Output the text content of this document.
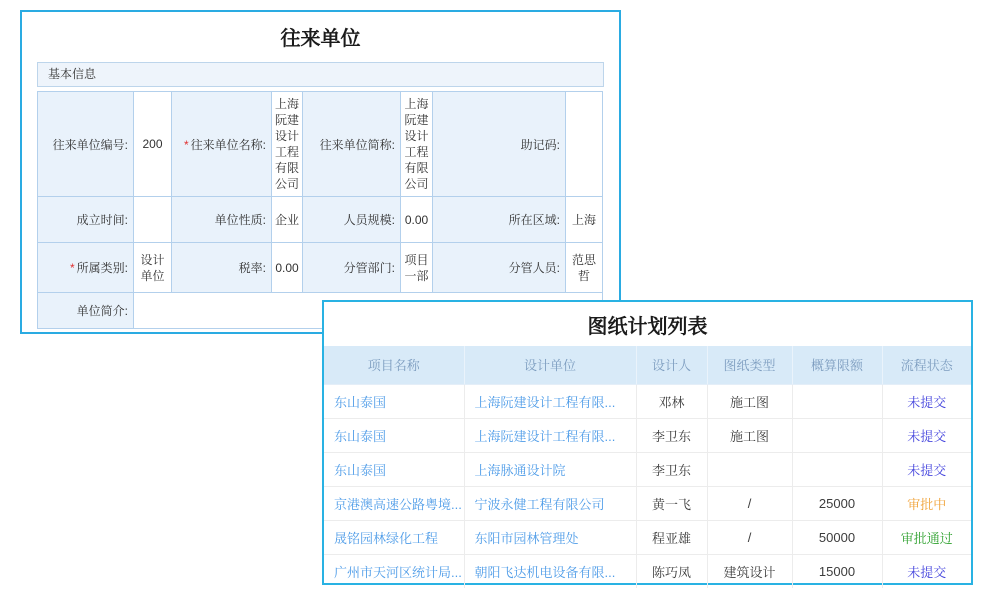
往来单位
基本信息
往来单位编号:	200	* 往来单位名称:	上海阮建设计工程有限公司	往来单位简称:	上海阮建设计工程有限公司	助记码:	
成立时间:		单位性质:	企业	人员规模:	0.00	所在区域:	上海
* 所属类别:	设计单位	税率:	0.00	分管部门:	项目一部	分管人员:	范思哲
单位简介:							
图纸计划列表
项目名称	设计单位	设计人	图纸类型	概算限额	流程状态
东山泰国	上海阮建设计工程有限...	邓林	施工图		未提交
东山泰国	上海阮建设计工程有限...	李卫东	施工图		未提交
东山泰国	上海脉通设计院	李卫东			未提交
京港澳高速公路粤境...	宁波永健工程有限公司	黄一飞	/	25000	审批中
晟铭园林绿化工程	东阳市园林管理处	程亚雄	/	50000	审批通过
广州市天河区统计局...	朝阳飞达机电设备有限...	陈巧凤	建筑设计	15000	未提交
